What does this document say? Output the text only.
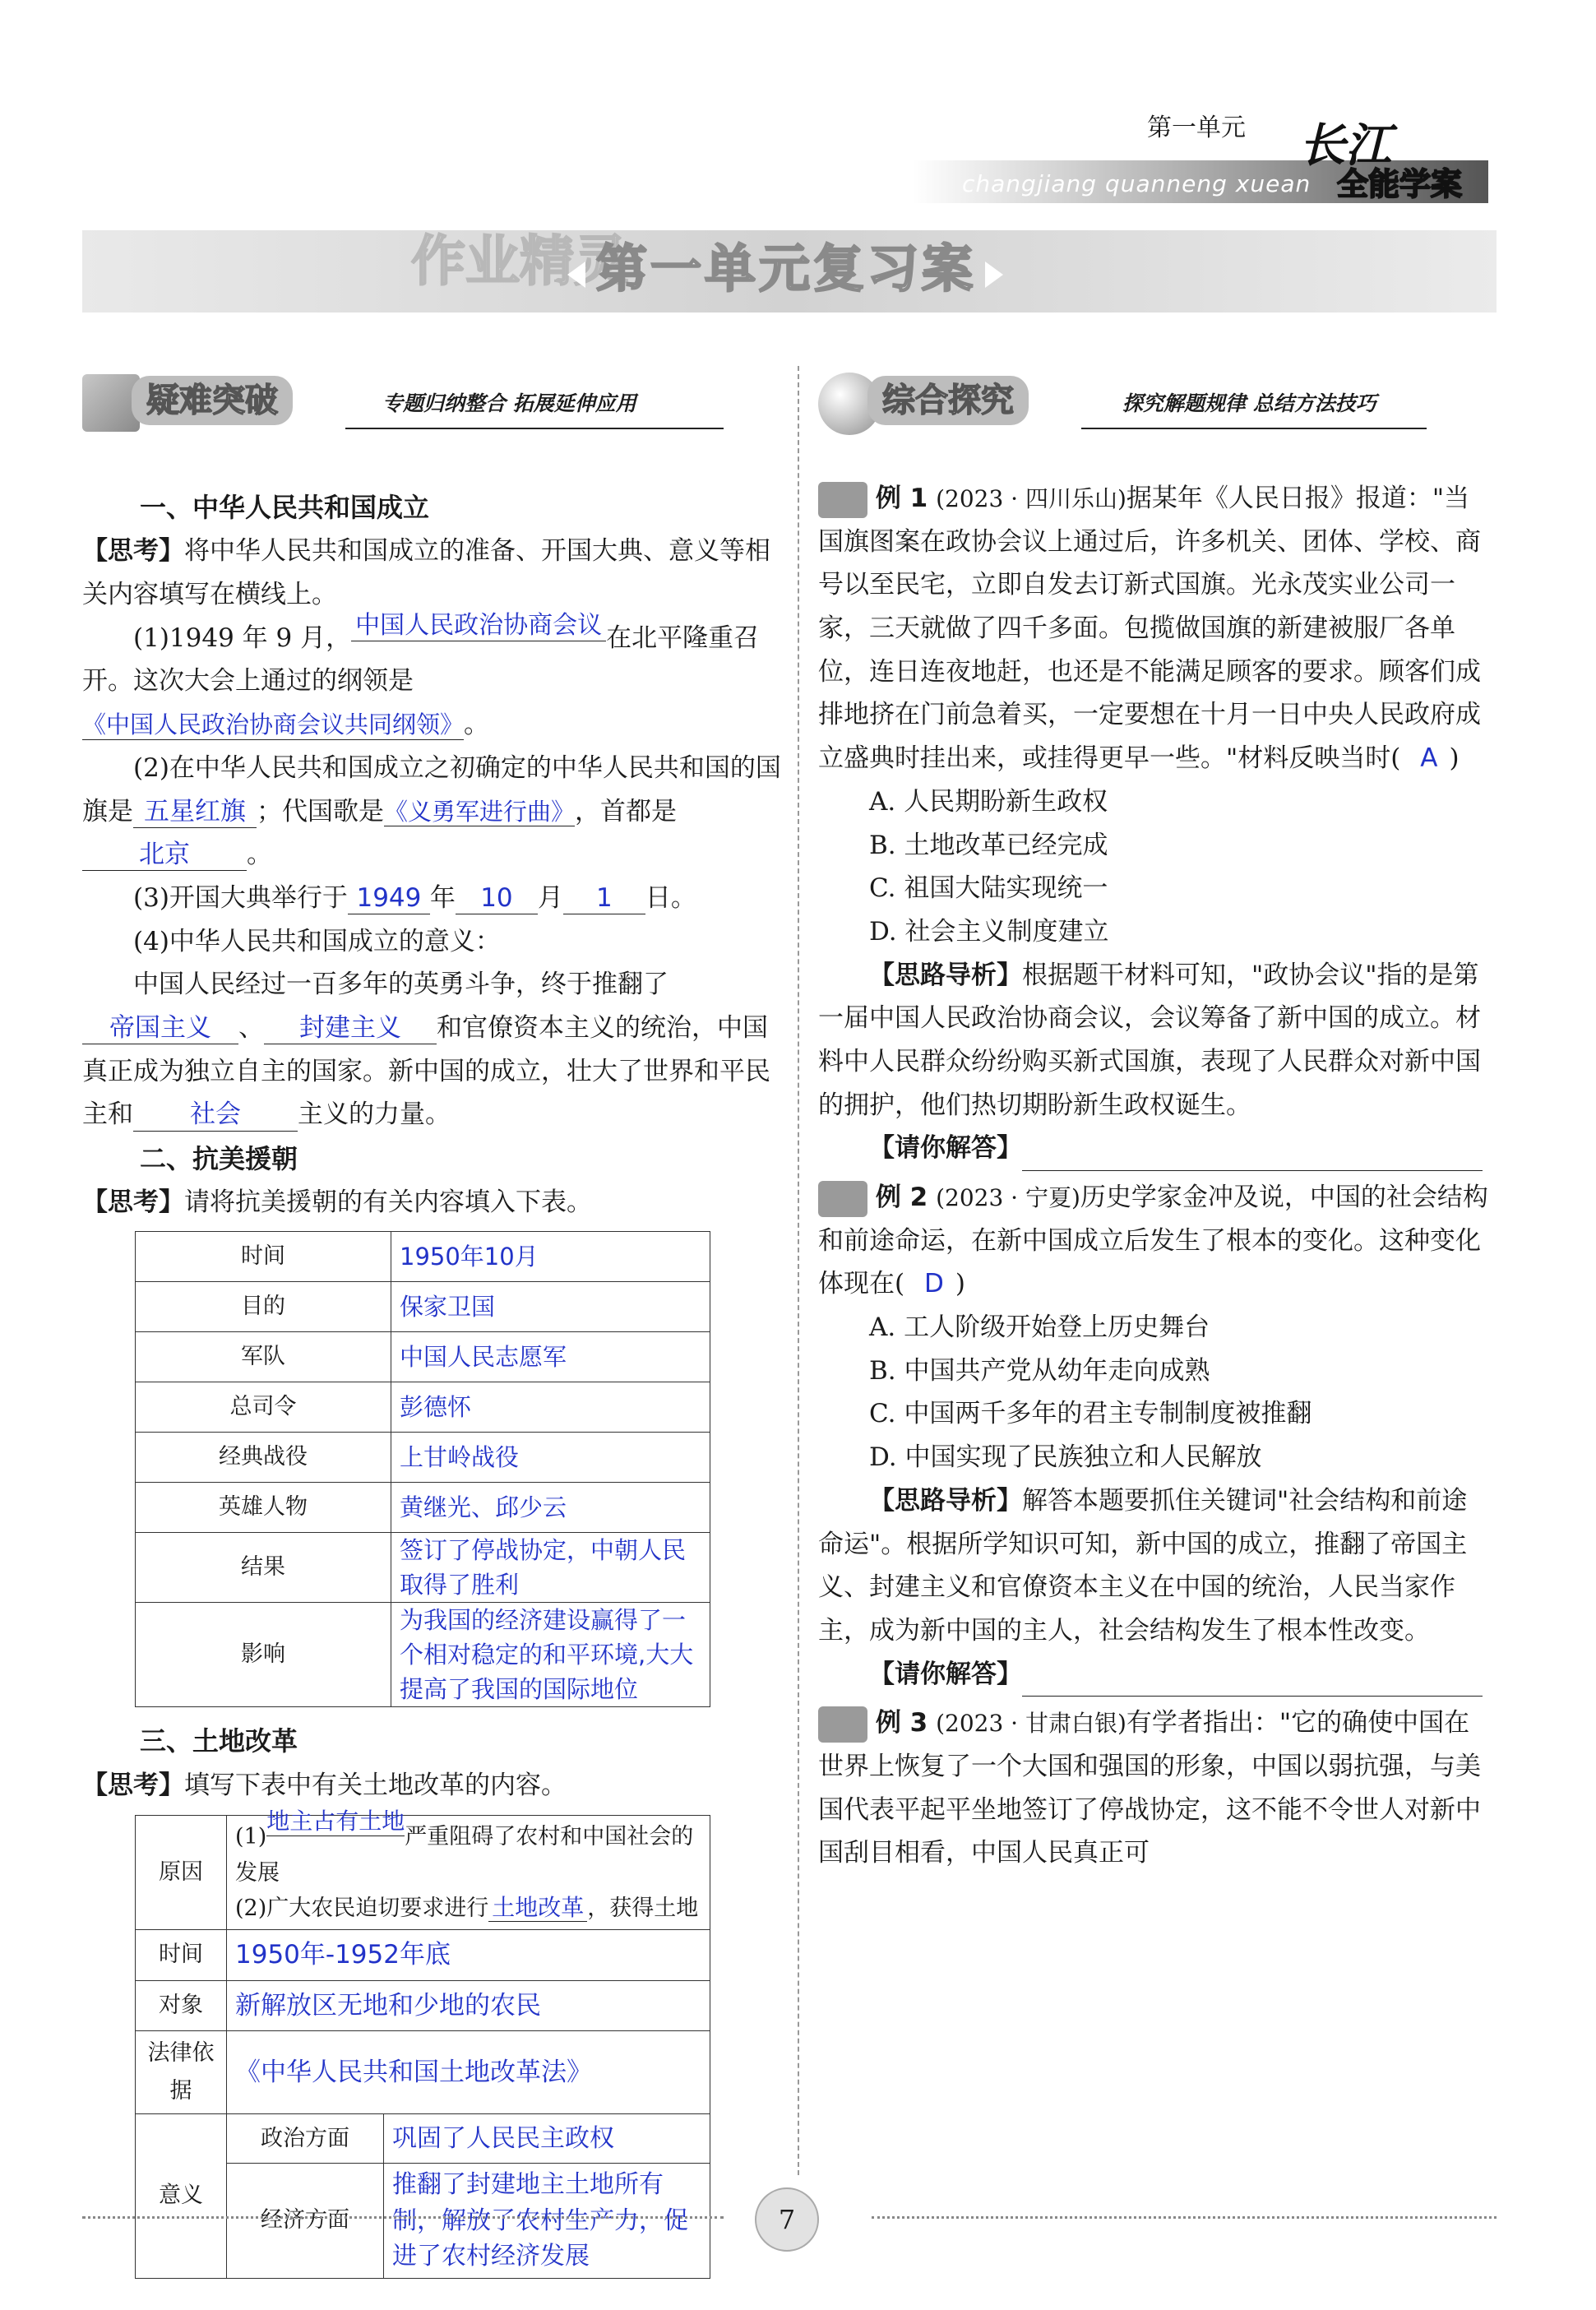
第一单元
changjiang quanneng xuean
长江
全能学案
作业精灵
第一单元复习案
疑难突破	专题归纳整合 拓展延伸应用
一、中华人民共和国成立
【思考】将中华人民共和国成立的准备、开国大典、意义等相关内容填写在横线上。
(1)1949 年 9 月， 中国人民政治协商会议 在北平隆重召开。这次大会上通过的纲领是《中国人民政治协商会议共同纲领》。
(2)在中华人民共和国成立之初确定的中华人民共和国的国旗是 五星红旗 ；代国歌是《义勇军进行曲》，首都是北京 。
(3)开国大典举行于 1949 年 10 月 1 日。
(4)中华人民共和国成立的意义：
中国人民经过一百多年的英勇斗争，终于推翻了帝国主义 、 封建主义 和官僚资本主义的统治，中国真正成为独立自主的国家。新中国的成立，壮大了世界和平民主和 社会 主义的力量。
二、抗美援朝
【思考】请将抗美援朝的有关内容填入下表。
时间	1950年10月
目的	保家卫国
军队	中国人民志愿军
总司令	彭德怀
经典战役	上甘岭战役
英雄人物	黄继光、邱少云
结果	签订了停战协定，中朝人民取得了胜利
影响	为我国的经济建设赢得了一个相对稳定的和平环境,大大提高了我国的国际地位
三、土地改革
【思考】填写下表中有关土地改革的内容。
原因	(1)地主占有土地严重阻碍了农村和中国社会的发展
(2)广大农民迫切要求进行 土地改革 ，获得土地	
时间	1950年-1952年底	
对象	新解放区无地和少地的农民	
法律依据	《中华人民共和国土地改革法》	
意义	政治方面	巩固了人民民主政权
	经济方面	推翻了封建地主土地所有制，解放了农村生产力，促进了农村经济发展
综合探究	探究解题规律 总结方法技巧
例 1 (2023 · 四川乐山)据某年《人民日报》报道："当国旗图案在政协会议上通过后，许多机关、团体、学校、商号以至民宅，立即自发去订新式国旗。光永茂实业公司一家，三天就做了四千多面。包揽做国旗的新建被服厂各单位，连日连夜地赶，也还是不能满足顾客的要求。顾客们成排地挤在门前急着买，一定要想在十月一日中央人民政府成立盛典时挂出来，或挂得更早一些。"材料反映当时( A )
A. 人民期盼新生政权
B. 土地改革已经完成
C. 祖国大陆实现统一
D. 社会主义制度建立
【思路导析】根据题干材料可知，"政协会议"指的是第一届中国人民政治协商会议，会议筹备了新中国的成立。材料中人民群众纷纷购买新式国旗，表现了人民群众对新中国的拥护，他们热切期盼新生政权诞生。
【请你解答】
例 2 (2023 · 宁夏)历史学家金冲及说，中国的社会结构和前途命运，在新中国成立后发生了根本的变化。这种变化体现在( D )
A. 工人阶级开始登上历史舞台
B. 中国共产党从幼年走向成熟
C. 中国两千多年的君主专制制度被推翻
D. 中国实现了民族独立和人民解放
【思路导析】解答本题要抓住关键词"社会结构和前途命运"。根据所学知识可知，新中国的成立，推翻了帝国主义、封建主义和官僚资本主义在中国的统治，人民当家作主，成为新中国的主人，社会结构发生了根本性改变。
【请你解答】
例 3 (2023 · 甘肃白银)有学者指出："它的确使中国在世界上恢复了一个大国和强国的形象，中国以弱抗强，与美国代表平起平坐地签订了停战协定，这不能不令世人对新中国刮目相看，中国人民真正可
7
